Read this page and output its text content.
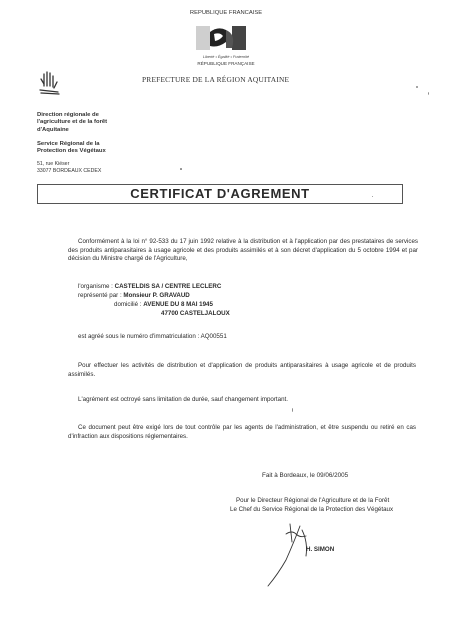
REPUBLIQUE FRANCAISE
Liberté • Égalité • Fraternité
RÉPUBLIQUE FRANÇAISE
PREFECTURE DE LA RÉGION AQUITAINE
Direction régionale de
l'agriculture et de la forêt
d'Aquitaine
Service Régional de la
Protection des Végétaux
51, rue Kiéser
33077 BORDEAUX CEDEX
CERTIFICAT D'AGREMENT
Conformément à la loi n° 92-533 du 17 juin 1992 relative à la distribution et à l'application par des prestataires de services des produits antiparasitaires à usage agricole et des produits assimilés et à son décret d'application du 5 octobre 1994 et par décision du Ministre chargé de l'Agriculture,
l'organisme : CASTELDIS SA / CENTRE LECLERC
représenté par : Monsieur P. GRAVAUD
domicilié : AVENUE DU 8 MAI 1945
47700 CASTELJALOUX
est agréé sous le numéro d'immatriculation : AQ00551
Pour effectuer les activités de distribution et d'application de produits antiparasitaires à usage agricole et de produits assimilés.
L'agrément est octroyé sans limitation de durée, sauf changement important.
Ce document peut être exigé lors de tout contrôle par les agents de l'administration, et être suspendu ou retiré en cas d'infraction aux dispositions réglementaires.
Fait à Bordeaux, le 09/06/2005
Pour le Directeur Régional de l'Agriculture et de la Forêt
Le Chef du Service Régional de la Protection des Végétaux
H. SIMON
